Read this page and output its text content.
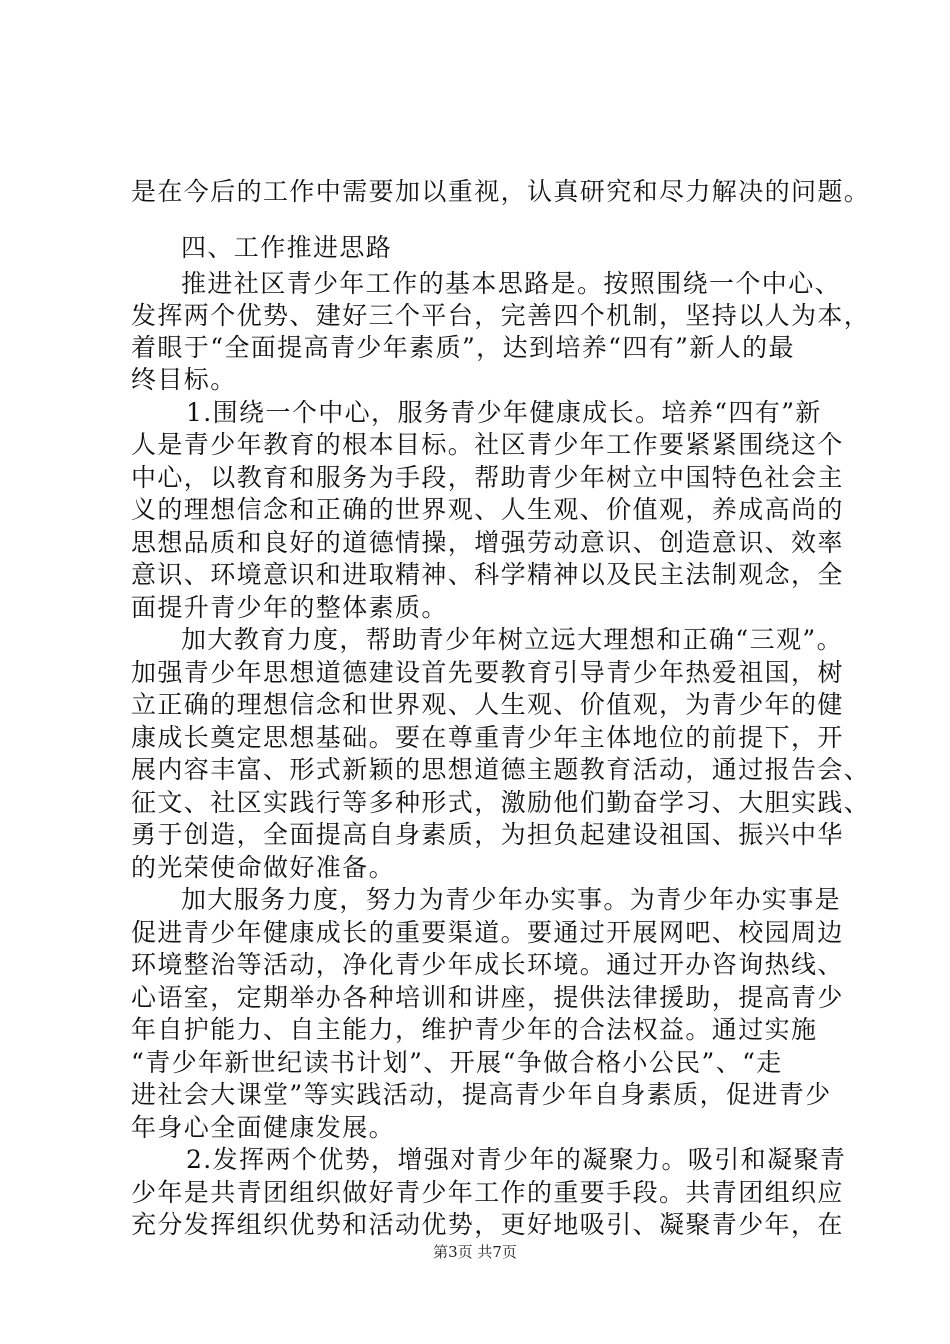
是在今后的工作中需要加以重视，认真研究和尽力解决的问题。
四、工作推进思路
推进社区青少年工作的基本思路是。按照围绕一个中心、
发挥两个优势、建好三个平台，完善四个机制，坚持以人为本，
着眼于“全面提高青少年素质”，达到培养“四有”新人的最
终目标。
1.围绕一个中心，服务青少年健康成长。培养“四有”新
人是青少年教育的根本目标。社区青少年工作要紧紧围绕这个
中心，以教育和服务为手段，帮助青少年树立中国特色社会主
义的理想信念和正确的世界观、人生观、价值观，养成高尚的
思想品质和良好的道德情操，增强劳动意识、创造意识、效率
意识、环境意识和进取精神、科学精神以及民主法制观念，全
面提升青少年的整体素质。
加大教育力度，帮助青少年树立远大理想和正确“三观”。
加强青少年思想道德建设首先要教育引导青少年热爱祖国，树
立正确的理想信念和世界观、人生观、价值观，为青少年的健
康成长奠定思想基础。要在尊重青少年主体地位的前提下，开
展内容丰富、形式新颖的思想道德主题教育活动，通过报告会、
征文、社区实践行等多种形式，激励他们勤奋学习、大胆实践、
勇于创造，全面提高自身素质，为担负起建设祖国、振兴中华
的光荣使命做好准备。
加大服务力度，努力为青少年办实事。为青少年办实事是
促进青少年健康成长的重要渠道。要通过开展网吧、校园周边
环境整治等活动，净化青少年成长环境。通过开办咨询热线、
心语室，定期举办各种培训和讲座，提供法律援助，提高青少
年自护能力、自主能力，维护青少年的合法权益。通过实施
“青少年新世纪读书计划”、开展“争做合格小公民”、“走
进社会大课堂”等实践活动，提高青少年自身素质，促进青少
年身心全面健康发展。
2.发挥两个优势，增强对青少年的凝聚力。吸引和凝聚青
少年是共青团组织做好青少年工作的重要手段。共青团组织应
充分发挥组织优势和活动优势，更好地吸引、凝聚青少年，在
第3页 共7页
